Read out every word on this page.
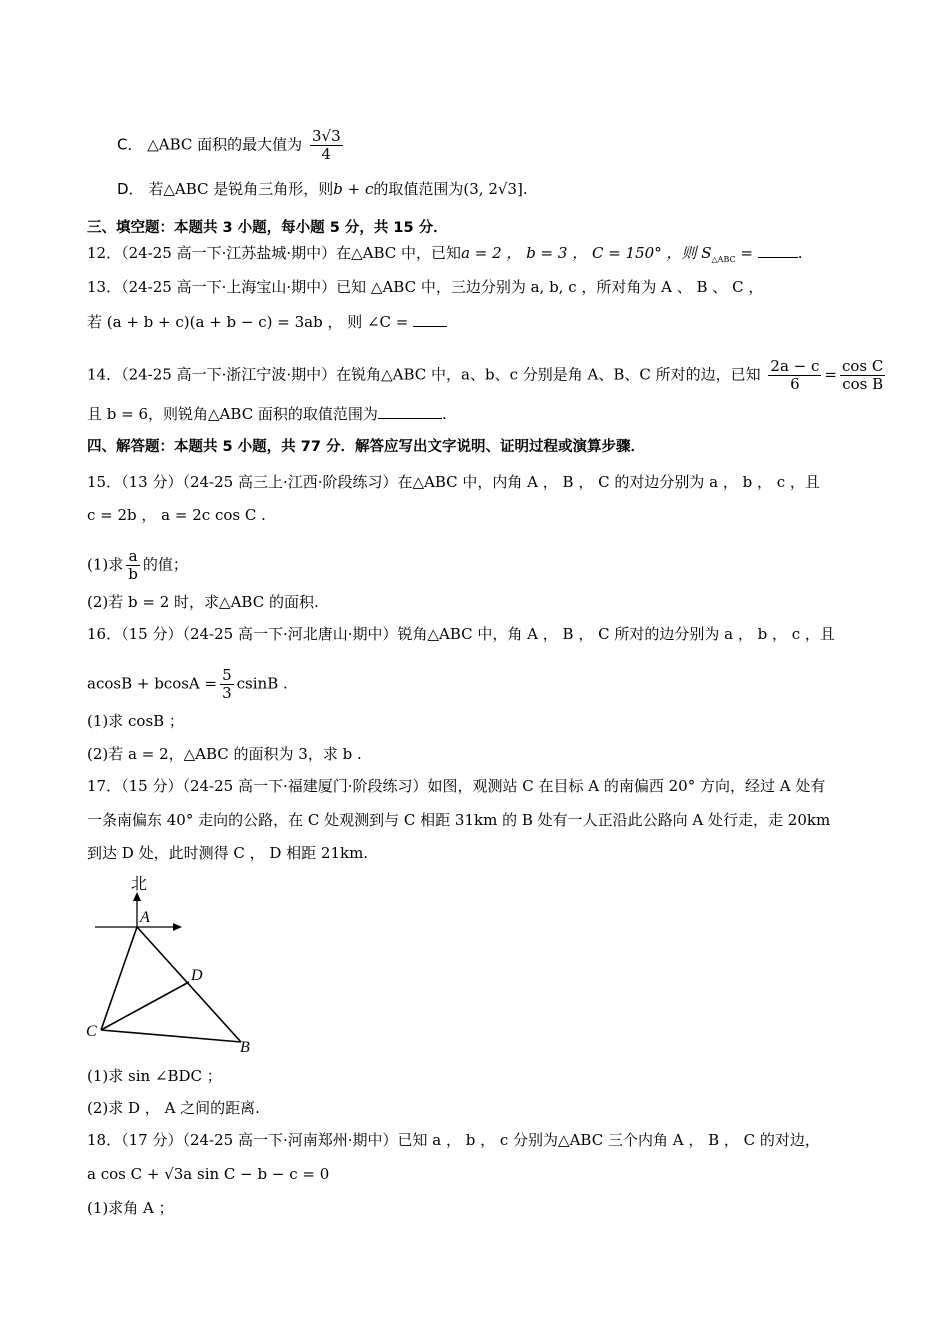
C． △ABC 面积的最大值为 $\frac{3√3}{4}$
D． 若△ABC 是锐角三角形，则b + c的取值范围为(3, 2√3].
三、填空题：本题共 3 小题，每小题 5 分，共 15 分．
12．（24-25 高一下·江苏盐城·期中）在△ABC 中，已知a = 2 ， b = 3 ， C = 150° ，则 $S_{\triangle ABC}$ =	.
13．（24-25 高一下·上海宝山·期中）已知 △ABC 中，三边分别为 a, b, c ，所对角为 A 、 B 、 C ，
若 (a + b + c)(a + b − c) = 3ab ， 则 ∠C =
14．（24-25 高一下·浙江宁波·期中）在锐角△ABC 中，a、b、c 分别是角 A、B、C 所对的边，已知 $\frac{2a - c}{6} = \frac{\text{cos C}}{\text{cos B}}$
且 b = 6，则锐角△ABC 面积的取值范围为	.
四、解答题：本题共 5 小题，共 77 分．解答应写出文字说明、证明过程或演算步骤．
15．（13 分）（24-25 高三上·江西·阶段练习）在△ABC 中，内角 A ， B ， C 的对边分别为 a ， b ， c ，且
c = 2b ， a = 2c cos C .
(1)求 $\frac{a}{b}$ 的值；
(2)若 b = 2 时，求△ABC 的面积.
16．（15 分）（24-25 高一下·河北唐山·期中）锐角△ABC 中，角 A ， B ， C 所对的边分别为 a ， b ， c ，且
$acosB + bcosA = \frac{5}{3}$ csinB .
(1)求 cosB ；
(2)若 a = 2，△ABC 的面积为 3，求 b .
17．（15 分）（24-25 高一下·福建厦门·阶段练习）如图，观测站 C 在目标 A 的南偏西 20° 方向，经过 A 处有
一条南偏东 40° 走向的公路，在 C 处观测到与 C 相距 31km 的 B 处有一人正沿此公路向 A 处行走，走 20km
到达 D 处，此时测得 C ， D 相距 21km.
北
A
D
C
B
(1)求 sin ∠BDC ；
(2)求 D ， A 之间的距离.
18．（17 分）（24-25 高一下·河南郑州·期中）已知 a ， b ， c 分别为△ABC 三个内角 A ， B ， C 的对边，
a cos C + √3a sin C − b − c = 0
(1)求角 A ；
